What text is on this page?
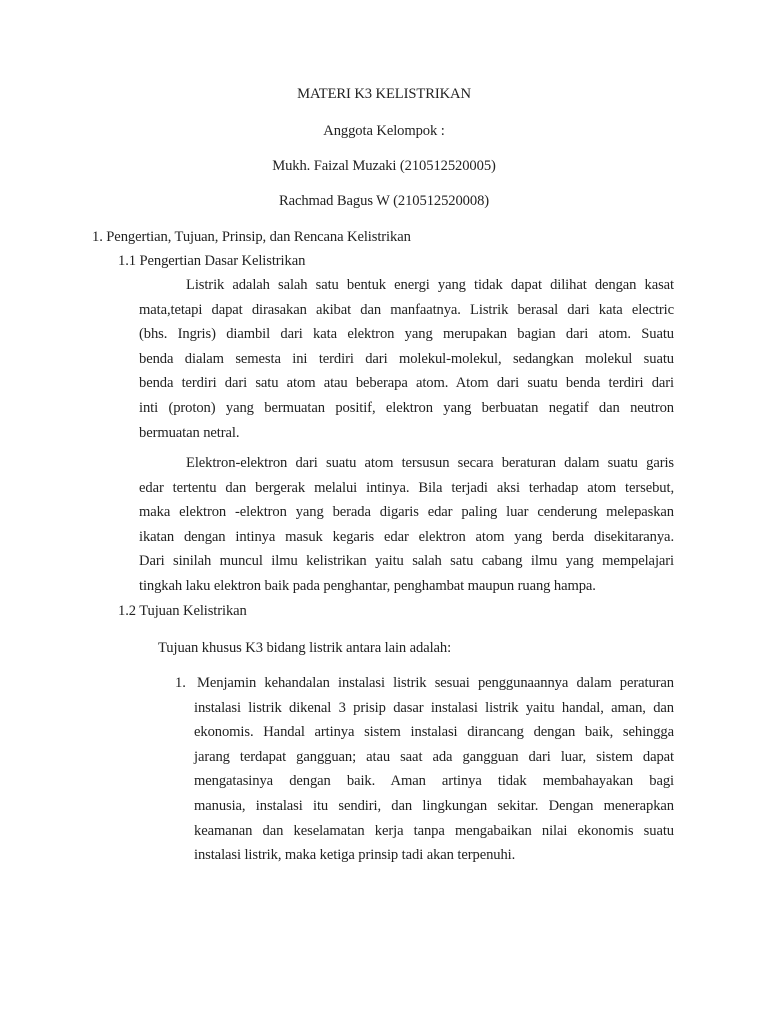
MATERI K3 KELISTRIKAN
Anggota Kelompok :
Mukh. Faizal Muzaki (210512520005)
Rachmad Bagus W (210512520008)
1. Pengertian, Tujuan, Prinsip, dan Rencana Kelistrikan
1.1 Pengertian Dasar Kelistrikan
Listrik adalah salah satu bentuk energi yang tidak dapat dilihat dengan kasat
mata,tetapi dapat dirasakan akibat dan manfaatnya. Listrik berasal dari kata electric
(bhs. Ingris) diambil dari kata elektron yang merupakan bagian dari atom. Suatu
benda dialam semesta ini terdiri dari molekul-molekul, sedangkan molekul suatu
benda terdiri dari satu atom atau beberapa atom. Atom dari suatu benda terdiri dari
inti (proton) yang bermuatan positif, elektron yang berbuatan negatif dan neutron
bermuatan netral.
Elektron-elektron dari suatu atom tersusun secara beraturan dalam suatu garis
edar tertentu dan bergerak melalui intinya. Bila terjadi aksi terhadap atom tersebut,
maka elektron -elektron yang berada digaris edar paling luar cenderung melepaskan
ikatan dengan intinya masuk kegaris edar elektron atom yang berda disekitaranya.
Dari sinilah muncul ilmu kelistrikan yaitu salah satu cabang ilmu yang mempelajari
tingkah laku elektron baik pada penghantar, penghambat maupun ruang hampa.
1.2 Tujuan Kelistrikan
Tujuan khusus K3 bidang listrik antara lain adalah:
1. Menjamin kehandalan instalasi listrik sesuai penggunaannya dalam peraturan
instalasi listrik dikenal 3 prisip dasar instalasi listrik yaitu handal, aman, dan
ekonomis. Handal artinya sistem instalasi dirancang dengan baik, sehingga
jarang terdapat gangguan; atau saat ada gangguan dari luar, sistem dapat
mengatasinya dengan baik. Aman artinya tidak membahayakan bagi
manusia, instalasi itu sendiri, dan lingkungan sekitar. Dengan menerapkan
keamanan dan keselamatan kerja tanpa mengabaikan nilai ekonomis suatu
instalasi listrik, maka ketiga prinsip tadi akan terpenuhi.
